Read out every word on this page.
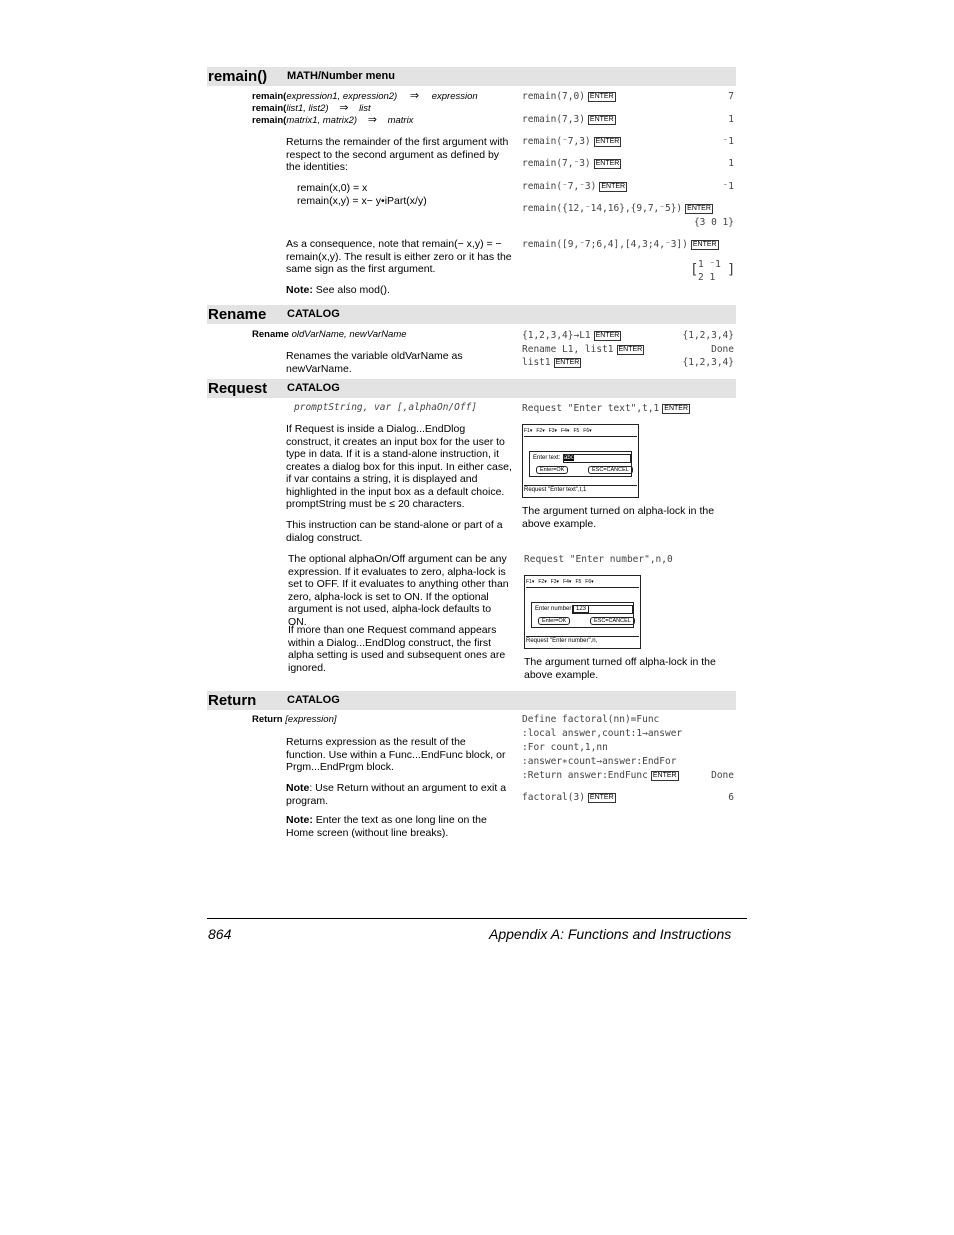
remain() MATH/Number menu
remain(expression1, expression2) ⇒ expression
remain(list1, list2) ⇒ list
remain(matrix1, matrix2) ⇒ matrix
Returns the remainder of the first argument with respect to the second argument as defined by the identities:
remain(x,0) = x
remain(x,y) = x− y•iPart(x/y)
As a consequence, note that remain(− x,y) = − remain(x,y). The result is either zero or it has the same sign as the first argument.
Note: See also mod().
remain(7,0) ENTER	7
remain(7,3) ENTER	1
remain(⁻7,3) ENTER	⁻1
remain(7,⁻3) ENTER	1
remain(⁻7,⁻3) ENTER	⁻1
remain({12,⁻14,16},{9,7,⁻5}) ENTER
{3 0 1}
remain([9,⁻7;6,4],[4,3;4,⁻3]) ENTER
[ 1 ⁻1
2 1 ]
Rename CATALOG
Rename oldVarName, newVarName
Renames the variable oldVarName as newVarName.
{1,2,3,4}→L1 ENTER	{1,2,3,4}
Rename L1, list1 ENTER	Done
list1 ENTER	{1,2,3,4}
Request CATALOG
promptString, var [,alphaOn/Off]
If Request is inside a Dialog...EndDlog construct, it creates an input box for the user to type in data. If it is a stand-alone instruction, it creates a dialog box for this input. In either case, if var contains a string, it is displayed and highlighted in the input box as a default choice. promptString must be ≤ 20 characters.
This instruction can be stand-alone or part of a dialog construct.
The optional alphaOn/Off argument can be any expression. If it evaluates to zero, alpha-lock is set to OFF. If it evaluates to anything other than zero, alpha-lock is set to ON. If the optional argument is not used, alpha-lock defaults to ON.
If more than one Request command appears within a Dialog...EndDlog construct, the first alpha setting is used and subsequent ones are ignored.
Request "Enter text",t,1 ENTER
F1▾ F2▾ F3▾ F4▾ F5 F6▾
Enter text: abc
Enter=OK	ESC=CANCEL
Request "Enter text",t,1
The argument turned on alpha-lock in the above example.
Request "Enter number",n,0
F1▾ F2▾ F3▾ F4▾ F5 F6▾
Enter number: 123
Enter=OK	ESC=CANCEL
Request "Enter number",n,
The argument turned off alpha-lock in the above example.
Return	CATALOG
Return [expression]
Returns expression as the result of the function. Use within a Func...EndFunc block, or Prgm...EndPrgm block.
Note: Use Return without an argument to exit a program.
Note: Enter the text as one long line on the Home screen (without line breaks).
Define factoral(nn)=Func
:local answer,count:1→answer
:For count,1,nn
:answer∗count→answer:EndFor
:Return answer:EndFunc ENTER	Done
factoral(3) ENTER	6
864	Appendix A: Functions and Instructions
